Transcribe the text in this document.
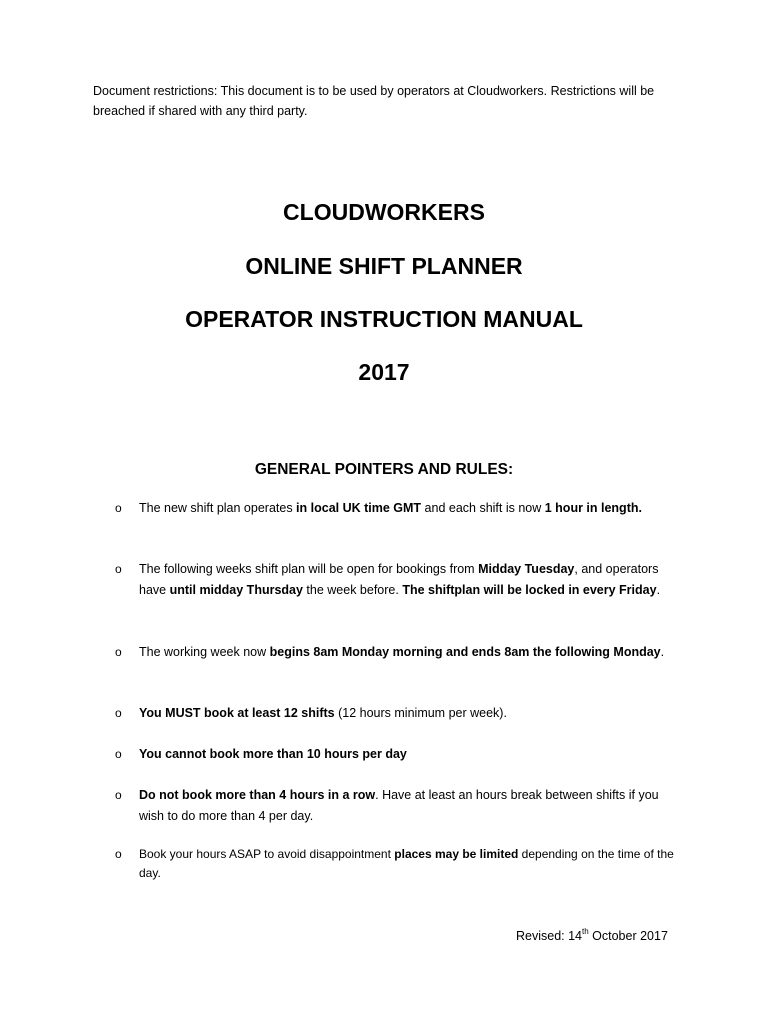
Document restrictions: This document is to be used by operators at Cloudworkers. Restrictions will be breached if shared with any third party.
CLOUDWORKERS
ONLINE SHIFT PLANNER
OPERATOR INSTRUCTION MANUAL
2017
GENERAL POINTERS AND RULES:
o The new shift plan operates in local UK time GMT and each shift is now 1 hour in length.
o The following weeks shift plan will be open for bookings from Midday Tuesday, and operators have until midday Thursday the week before. The shiftplan will be locked in every Friday.
o The working week now begins 8am Monday morning and ends 8am the following Monday.
o You MUST book at least 12 shifts (12 hours minimum per week).
o You cannot book more than 10 hours per day
o Do not book more than 4 hours in a row. Have at least an hours break between shifts if you wish to do more than 4 per day.
o Book your hours ASAP to avoid disappointment places may be limited depending on the time of the day.
Revised: 14th October 2017
